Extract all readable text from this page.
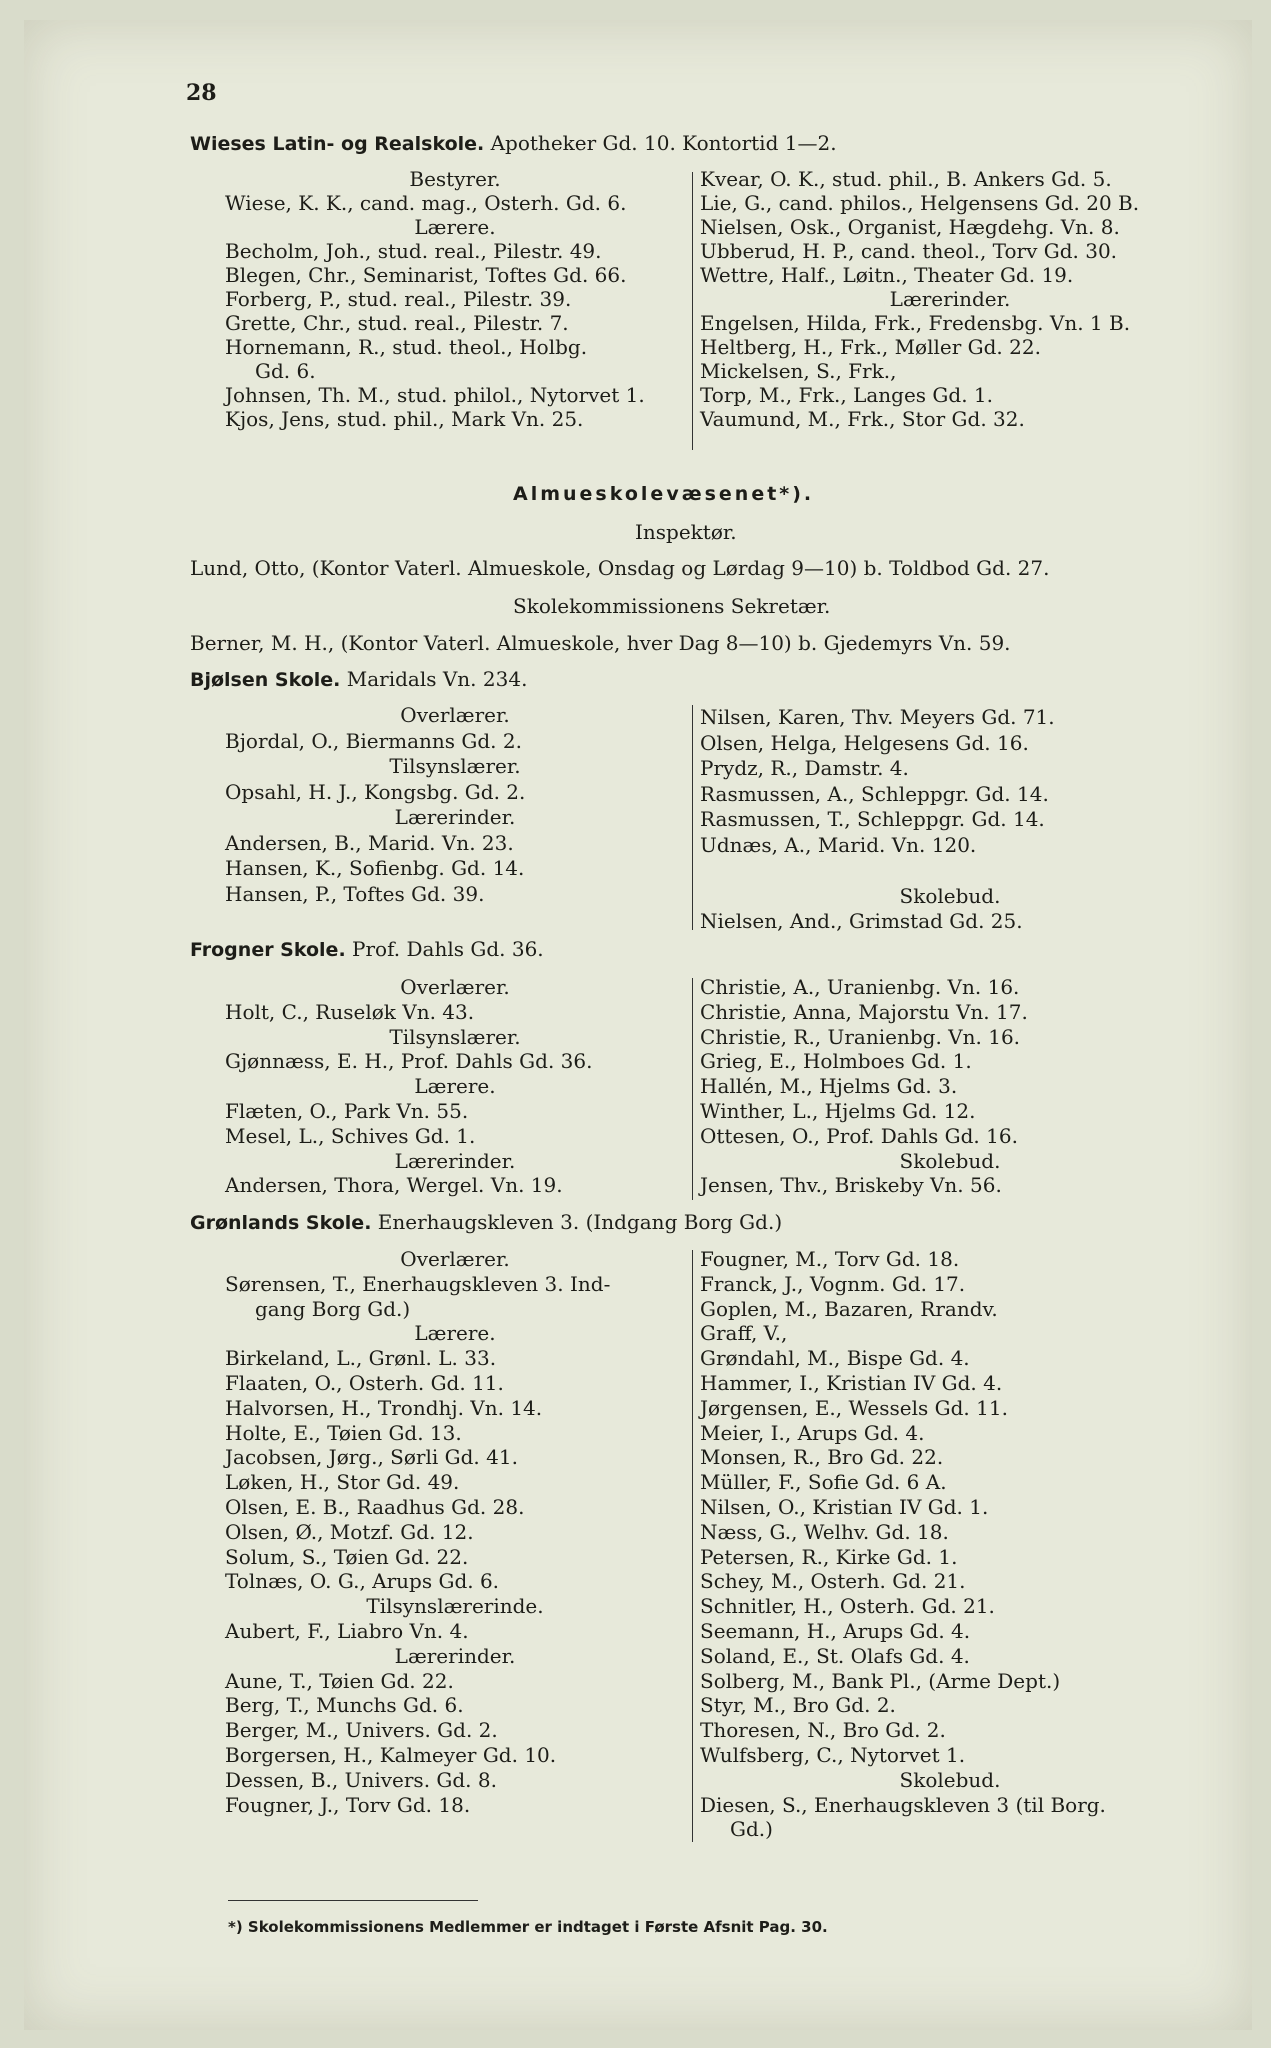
28
Wieses Latin- og Realskole. Apotheker Gd. 10. Kontortid 1—2.
Bestyrer.
Wiese, K. K., cand. mag., Osterh. Gd. 6.
Lærere.
Becholm, Joh., stud. real., Pilestr. 49.
Blegen, Chr., Seminarist, Toftes Gd. 66.
Forberg, P., stud. real., Pilestr. 39.
Grette, Chr., stud. real., Pilestr. 7.
Hornemann, R., stud. theol., Holbg.
Gd. 6.
Johnsen, Th. M., stud. philol., Nytorvet 1.
Kjos, Jens, stud. phil., Mark Vn. 25.
Kvear, O. K., stud. phil., B. Ankers Gd. 5.
Lie, G., cand. philos., Helgensens Gd. 20 B.
Nielsen, Osk., Organist, Hægdehg. Vn. 8.
Ubberud, H. P., cand. theol., Torv Gd. 30.
Wettre, Half., Løitn., Theater Gd. 19.
Lærerinder.
Engelsen, Hilda, Frk., Fredensbg. Vn. 1 B.
Heltberg, H., Frk., Møller Gd. 22.
Mickelsen, S., Frk.,
Torp, M., Frk., Langes Gd. 1.
Vaumund, M., Frk., Stor Gd. 32.
Almueskolevæsenet*).
Inspektør.
Lund, Otto, (Kontor Vaterl. Almueskole, Onsdag og Lørdag 9—10) b. Toldbod Gd. 27.
Skolekommissionens Sekretær.
Berner, M. H., (Kontor Vaterl. Almueskole, hver Dag 8—10) b. Gjedemyrs Vn. 59.
Bjølsen Skole. Maridals Vn. 234.
Overlærer.
Bjordal, O., Biermanns Gd. 2.
Tilsynslærer.
Opsahl, H. J., Kongsbg. Gd. 2.
Lærerinder.
Andersen, B., Marid. Vn. 23.
Hansen, K., Sofienbg. Gd. 14.
Hansen, P., Toftes Gd. 39.
Nilsen, Karen, Thv. Meyers Gd. 71.
Olsen, Helga, Helgesens Gd. 16.
Prydz, R., Damstr. 4.
Rasmussen, A., Schleppgr. Gd. 14.
Rasmussen, T., Schleppgr. Gd. 14.
Udnæs, A., Marid. Vn. 120.

Skolebud.
Nielsen, And., Grimstad Gd. 25.
Frogner Skole. Prof. Dahls Gd. 36.
Overlærer.
Holt, C., Ruseløk Vn. 43.
Tilsynslærer.
Gjønnæss, E. H., Prof. Dahls Gd. 36.
Lærere.
Flæten, O., Park Vn. 55.
Mesel, L., Schives Gd. 1.
Lærerinder.
Andersen, Thora, Wergel. Vn. 19.
Christie, A., Uranienbg. Vn. 16.
Christie, Anna, Majorstu Vn. 17.
Christie, R., Uranienbg. Vn. 16.
Grieg, E., Holmboes Gd. 1.
Hallén, M., Hjelms Gd. 3.
Winther, L., Hjelms Gd. 12.
Ottesen, O., Prof. Dahls Gd. 16.
Skolebud.
Jensen, Thv., Briskeby Vn. 56.
Grønlands Skole. Enerhaugskleven 3. (Indgang Borg Gd.)
Overlærer.
Sørensen, T., Enerhaugskleven 3. Ind-
gang Borg Gd.)
Lærere.
Birkeland, L., Grønl. L. 33.
Flaaten, O., Osterh. Gd. 11.
Halvorsen, H., Trondhj. Vn. 14.
Holte, E., Tøien Gd. 13.
Jacobsen, Jørg., Sørli Gd. 41.
Løken, H., Stor Gd. 49.
Olsen, E. B., Raadhus Gd. 28.
Olsen, Ø., Motzf. Gd. 12.
Solum, S., Tøien Gd. 22.
Tolnæs, O. G., Arups Gd. 6.
Tilsynslærerinde.
Aubert, F., Liabro Vn. 4.
Lærerinder.
Aune, T., Tøien Gd. 22.
Berg, T., Munchs Gd. 6.
Berger, M., Univers. Gd. 2.
Borgersen, H., Kalmeyer Gd. 10.
Dessen, B., Univers. Gd. 8.
Fougner, J., Torv Gd. 18.
Fougner, M., Torv Gd. 18.
Franck, J., Vognm. Gd. 17.
Goplen, M., Bazaren, Rrandv.
Graff, V.,
Grøndahl, M., Bispe Gd. 4.
Hammer, I., Kristian IV Gd. 4.
Jørgensen, E., Wessels Gd. 11.
Meier, I., Arups Gd. 4.
Monsen, R., Bro Gd. 22.
Müller, F., Sofie Gd. 6 A.
Nilsen, O., Kristian IV Gd. 1.
Næss, G., Welhv. Gd. 18.
Petersen, R., Kirke Gd. 1.
Schey, M., Osterh. Gd. 21.
Schnitler, H., Osterh. Gd. 21.
Seemann, H., Arups Gd. 4.
Soland, E., St. Olafs Gd. 4.
Solberg, M., Bank Pl., (Arme Dept.)
Styr, M., Bro Gd. 2.
Thoresen, N., Bro Gd. 2.
Wulfsberg, C., Nytorvet 1.
Skolebud.
Diesen, S., Enerhaugskleven 3 (til Borg.
Gd.)
*) Skolekommissionens Medlemmer er indtaget i Første Afsnit Pag. 30.
